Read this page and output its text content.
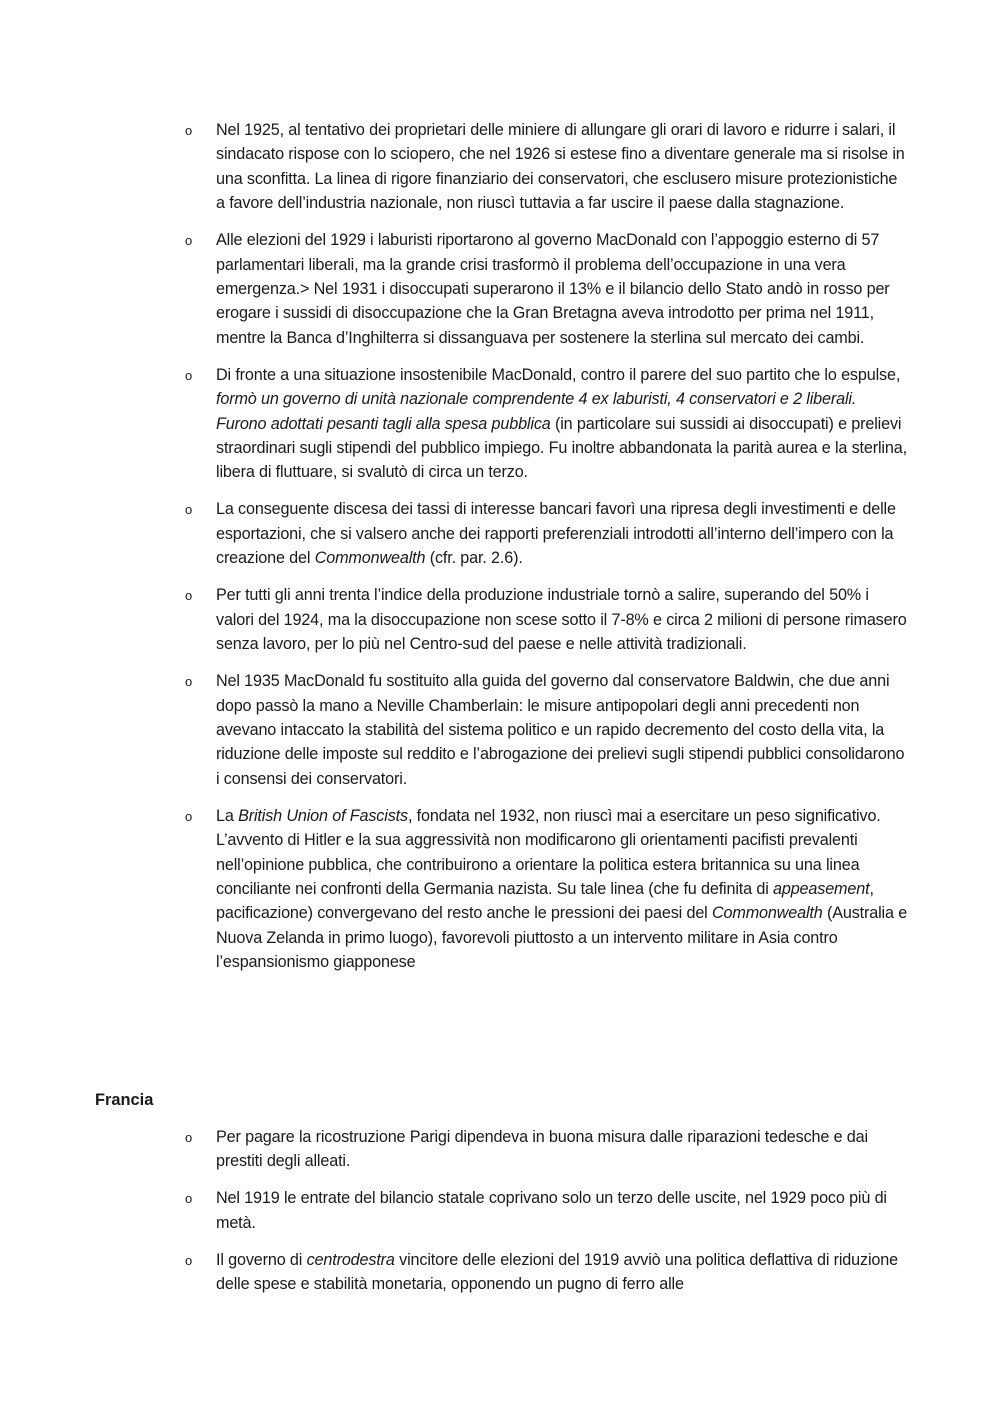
o
Nel 1925, al tentativo dei proprietari delle miniere di allungare gli orari di lavoro e ridurre i salari, il sindacato rispose con lo sciopero, che nel 1926 si estese fino a diventare generale ma si risolse in una sconfitta. La linea di rigore finanziario dei conservatori, che esclusero misure protezionistiche a favore dell’industria nazionale, non riuscì tuttavia a far uscire il paese dalla stagnazione.
o
Alle elezioni del 1929 i laburisti riportarono al governo MacDonald con l’appoggio esterno di 57 parlamentari liberali, ma la grande crisi trasformò il problema dell’occupazione in una vera emergenza.> Nel 1931 i disoccupati superarono il 13% e il bilancio dello Stato andò in rosso per erogare i sussidi di disoccupazione che la Gran Bretagna aveva introdotto per prima nel 1911, mentre la Banca d’Inghilterra si dissanguava per sostenere la sterlina sul mercato dei cambi.
o
Di fronte a una situazione insostenibile MacDonald, contro il parere del suo partito che lo espulse, formò un governo di unità nazionale comprendente 4 ex laburisti, 4 conservatori e 2 liberali. Furono adottati pesanti tagli alla spesa pubblica (in particolare sui sussidi ai disoccupati) e prelievi straordinari sugli stipendi del pubblico impiego. Fu inoltre abbandonata la parità aurea e la sterlina, libera di fluttuare, si svalutò di circa un terzo.
o
La conseguente discesa dei tassi di interesse bancari favorì una ripresa degli investimenti e delle esportazioni, che si valsero anche dei rapporti preferenziali introdotti all’interno dell’impero con la creazione del Commonwealth (cfr. par. 2.6).
o
Per tutti gli anni trenta l’indice della produzione industriale tornò a salire, superando del 50% i valori del 1924, ma la disoccupazione non scese sotto il 7-8% e circa 2 milioni di persone rimasero senza lavoro, per lo più nel Centro-sud del paese e nelle attività tradizionali.
o
Nel 1935 MacDonald fu sostituito alla guida del governo dal conservatore Baldwin, che due anni dopo passò la mano a Neville Chamberlain: le misure antipopolari degli anni precedenti non avevano intaccato la stabilità del sistema politico e un rapido decremento del costo della vita, la riduzione delle imposte sul reddito e l’abrogazione dei prelievi sugli stipendi pubblici consolidarono i consensi dei conservatori.
o
La British Union of Fascists, fondata nel 1932, non riuscì mai a esercitare un peso significativo. L’avvento di Hitler e la sua aggressività non modificarono gli orientamenti pacifisti prevalenti nell’opinione pubblica, che contribuirono a orientare la politica estera britannica su una linea conciliante nei confronti della Germania nazista. Su tale linea (che fu definita di appeasement, pacificazione) convergevano del resto anche le pressioni dei paesi del Commonwealth (Australia e Nuova Zelanda in primo luogo), favorevoli piuttosto a un intervento militare in Asia contro l’espansionismo giapponese
Francia
o
Per pagare la ricostruzione Parigi dipendeva in buona misura dalle riparazioni tedesche e dai prestiti degli alleati.
o
Nel 1919 le entrate del bilancio statale coprivano solo un terzo delle uscite, nel 1929 poco più di metà.
o
Il governo di centrodestra vincitore delle elezioni del 1919 avviò una politica deflattiva di riduzione delle spese e stabilità monetaria, opponendo un pugno di ferro alle
